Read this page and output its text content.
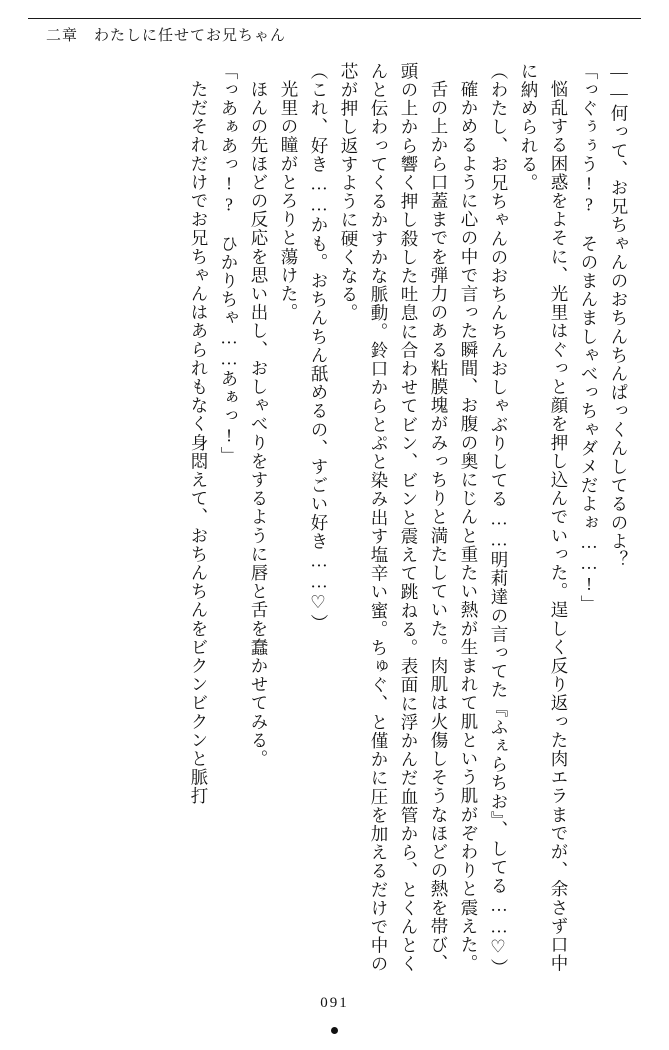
二章 わたしに任せてお兄ちゃん

――何って、お兄ちゃんのおちんちんぱっくんしてるのよ？

「っぐぅぅう!?　そのまんましゃべっちゃダメだよぉ……!」

悩乱する困惑をよそに、光里はぐっと顔を押し込んでいった。逞しく反り返った肉エラまでが、余さず口中に納められる。

（わたし、お兄ちゃんのおちんちんおしゃぶりしてる……明莉達の言ってた『ふぇらちお』、してる……♡）

確かめるように心の中で言った瞬間、お腹の奥にじんと重たい熱が生まれて肌という肌がぞわりと震えた。

舌の上から口蓋までを弾力のある粘膜塊がみっちりと満たしていた。肉肌は火傷しそうなほどの熱を帯び、頭の上から響く押し殺した吐息に合わせてビン、ビンと震えて跳ねる。表面に浮かんだ血管から、とくんとくんと伝わってくるかすかな脈動。鈴口からとぷと染み出す塩辛い蜜。ちゅぐ、と僅かに圧を加えるだけで中の芯が押し返すように硬くなる。

（これ、好き……かも。おちんちん舐めるの、すごい好き……♡）

光里の瞳がとろりと蕩けた。

ほんの先ほどの反応を思い出し、おしゃべりをするように唇と舌を蠢かせてみる。

「っあぁあっ!?　ひかりちゃ……あぁっ!」

ただそれだけでお兄ちゃんはあられもなく身悶えて、おちんちんをビクンビクンと脈打

091
